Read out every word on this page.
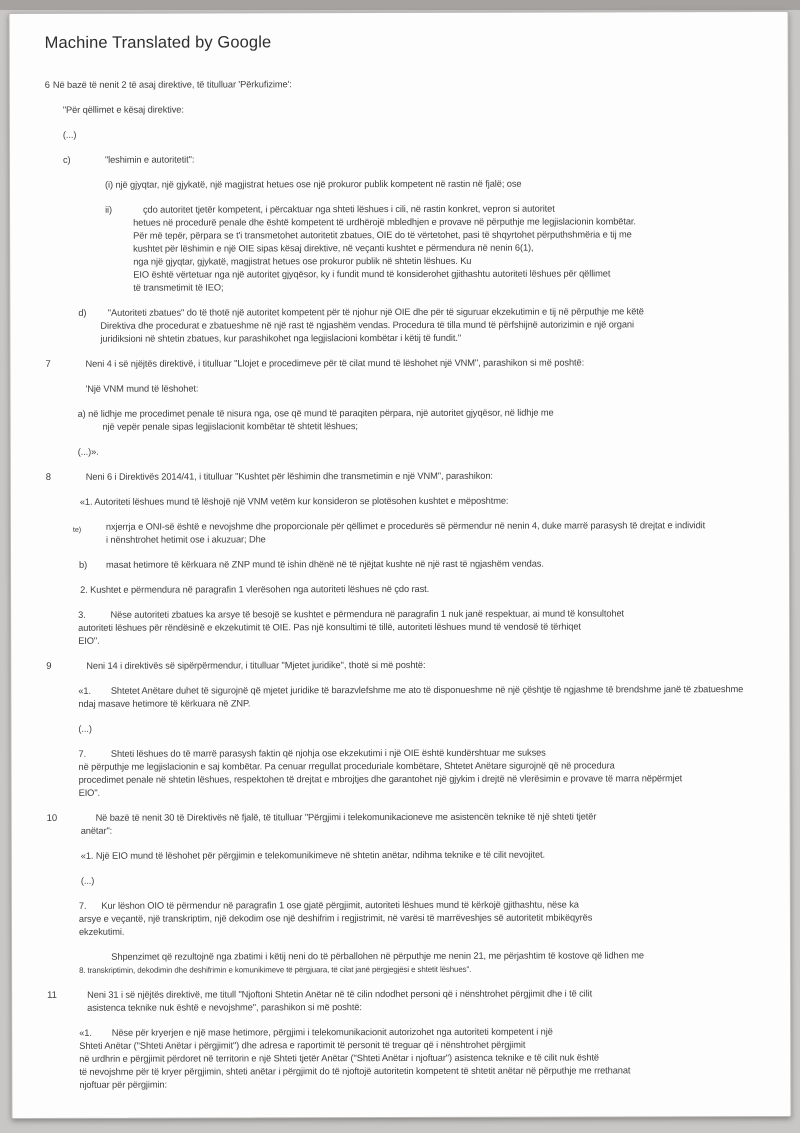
Machine Translated by Google
6 Në bazë të nenit 2 të asaj direktive, të titulluar 'Përkufizime':
"Për qëllimet e kësaj direktive:
(...)
c)	"leshimin e autoritetit":
(i) një gjyqtar, një gjykatë, një magjistrat hetues ose një prokuror publik kompetent në rastin në fjalë; ose
ii)	çdo autoritet tjetër kompetent, i përcaktuar nga shteti lëshues i cili, në rastin konkret, vepron si autoritet
hetues në procedurë penale dhe është kompetent të urdhërojë mbledhjen e provave në përputhje me legjislacionin kombëtar.
Për më tepër, përpara se t'i transmetohet autoritetit zbatues, OIE do të vërtetohet, pasi të shqyrtohet përputhshmëria e tij me
kushtet për lëshimin e një OIE sipas kësaj direktive, në veçanti kushtet e përmendura në nenin 6(1),
nga një gjyqtar, gjykatë, magjistrat hetues ose prokuror publik në shtetin lëshues. Ku
EIO është vërtetuar nga një autoritet gjyqësor, ky i fundit mund të konsiderohet gjithashtu autoriteti lëshues për qëllimet
të transmetimit të IEO;
d)	"Autoriteti zbatues" do të thotë një autoritet kompetent për të njohur një OIE dhe për të siguruar ekzekutimin e tij në përputhje me këtë
Direktiva dhe procedurat e zbatueshme në një rast të ngjashëm vendas. Procedura të tilla mund të përfshijnë autorizimin e një organi
juridiksioni në shtetin zbatues, kur parashikohet nga legjislacioni kombëtar i këtij të fundit."
7	Neni 4 i së njëjtës direktivë, i titulluar "Llojet e procedimeve për të cilat mund të lëshohet një VNM", parashikon si më poshtë:
'Një VNM mund të lëshohet:
a) në lidhje me procedimet penale të nisura nga, ose që mund të paraqiten përpara, një autoritet gjyqësor, në lidhje me
një vepër penale sipas legjislacionit kombëtar të shtetit lëshues;
(...)».
8	Neni 6 i Direktivës 2014/41, i titulluar "Kushtet për lëshimin dhe transmetimin e një VNM", parashikon:
«1. Autoriteti lëshues mund të lëshojë një VNM vetëm kur konsideron se plotësohen kushtet e mëposhtme:
te)	nxjerrja e ONI-së është e nevojshme dhe proporcionale për qëllimet e procedurës së përmendur në nenin 4, duke marrë parasysh të drejtat e individit
i nënshtrohet hetimit ose i akuzuar; Dhe
b)	masat hetimore të kërkuara në ZNP mund të ishin dhënë në të njëjtat kushte në një rast të ngjashëm vendas.
2. Kushtet e përmendura në paragrafin 1 vlerësohen nga autoriteti lëshues në çdo rast.
3.          Nëse autoriteti zbatues ka arsye të besojë se kushtet e përmendura në paragrafin 1 nuk janë respektuar, ai mund të konsultohet
autoriteti lëshues për rëndësinë e ekzekutimit të OIE. Pas një konsultimi të tillë, autoriteti lëshues mund të vendosë të tërhiqet
EIO".
9	Neni 14 i direktivës së sipërpërmendur, i titulluar "Mjetet juridike", thotë si më poshtë:
«1.        Shtetet Anëtare duhet të sigurojnë që mjetet juridike të barazvlefshme me ato të disponueshme në një çështje të ngjashme të brendshme janë të zbatueshme
ndaj masave hetimore të kërkuara në ZNP.
(...)
7.          Shteti lëshues do të marrë parasysh faktin që njohja ose ekzekutimi i një OIE është kundërshtuar me sukses
në përputhje me legjislacionin e saj kombëtar. Pa cenuar rregullat proceduriale kombëtare, Shtetet Anëtare sigurojnë që në procedura
procedimet penale në shtetin lëshues, respektohen të drejtat e mbrojtjes dhe garantohet një gjykim i drejtë në vlerësimin e provave të marra nëpërmjet
EIO".
10	Në bazë të nenit 30 të Direktivës në fjalë, të titulluar "Përgjimi i telekomunikacioneve me asistencën teknike të një shteti tjetër
anëtar":
«1. Një EIO mund të lëshohet për përgjimin e telekomunikimeve në shtetin anëtar, ndihma teknike e të cilit nevojitet.
(...)
7.      Kur lëshon OIO të përmendur në paragrafin 1 ose gjatë përgjimit, autoriteti lëshues mund të kërkojë gjithashtu, nëse ka
arsye e veçantë, një transkriptim, një dekodim ose një deshifrim i regjistrimit, në varësi të marrëveshjes së autoritetit mbikëqyrës
ekzekutimi.
Shpenzimet që rezultojnë nga zbatimi i këtij neni do të përballohen në përputhje me nenin 21, me përjashtim të kostove që lidhen me
8. transkriptimin, dekodimin dhe deshifrimin e komunikimeve të përgjuara, të cilat janë përgjegjësi e shtetit lëshues".
11	Neni 31 i së njëjtës direktivë, me titull "Njoftoni Shtetin Anëtar në të cilin ndodhet personi që i nënshtrohet përgjimit dhe i të cilit
asistenca teknike nuk është e nevojshme", parashikon si më poshtë:
«1.        Nëse për kryerjen e një mase hetimore, përgjimi i telekomunikacionit autorizohet nga autoriteti kompetent i një
Shteti Anëtar ("Shteti Anëtar i përgjimit") dhe adresa e raportimit të personit të treguar që i nënshtrohet përgjimit
në urdhrin e përgjimit përdoret në territorin e një Shteti tjetër Anëtar ("Shteti Anëtar i njoftuar") asistenca teknike e të cilit nuk është
të nevojshme për të kryer përgjimin, shteti anëtar i përgjimit do të njoftojë autoritetin kompetent të shtetit anëtar në përputhje me rrethanat
njoftuar për përgjimin:
